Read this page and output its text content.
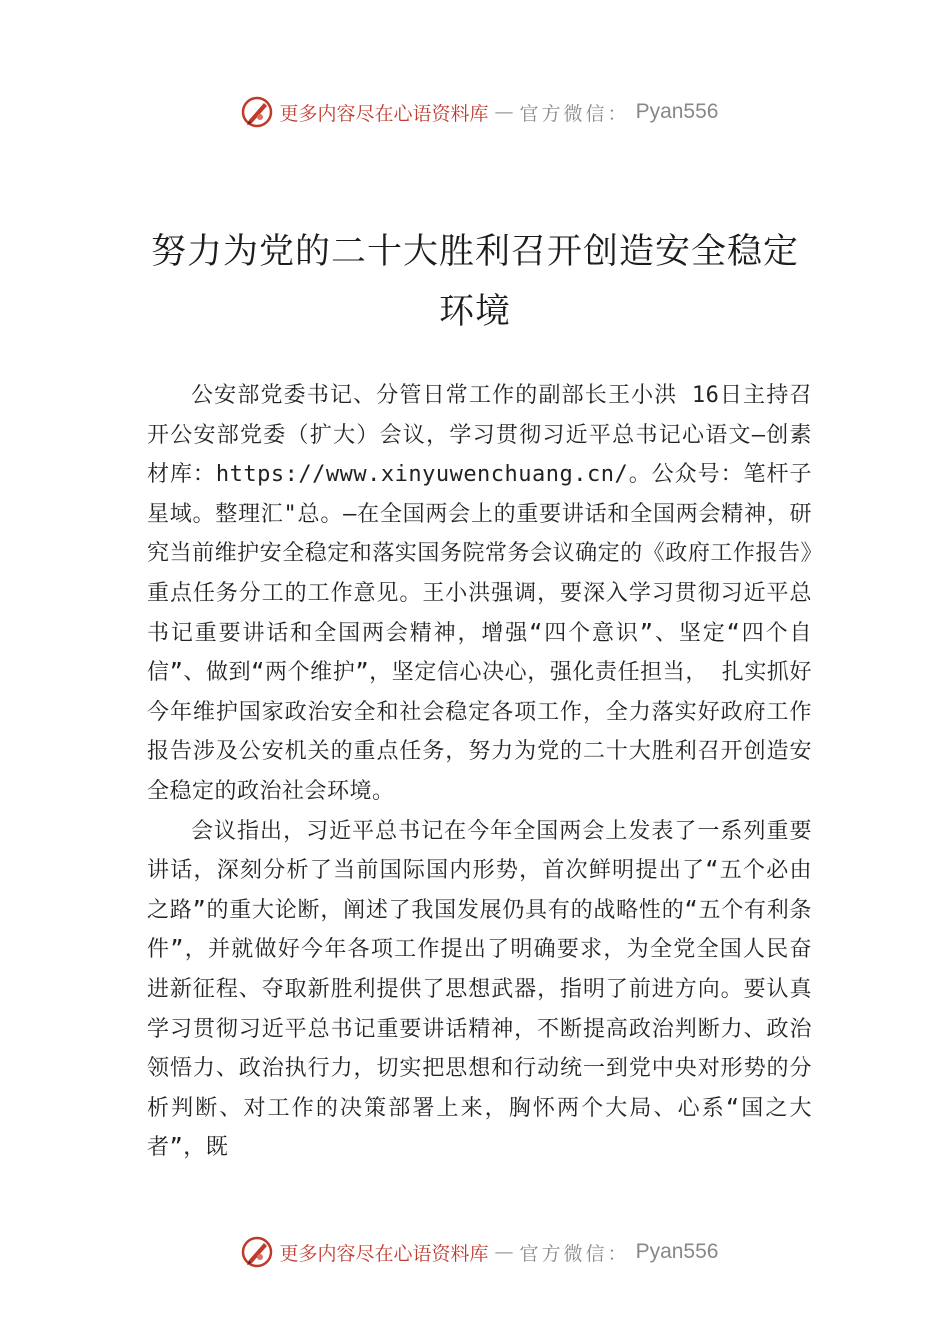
更多内容尽在心语资料库 — 官方微信： Pyan556
努力为党的二十大胜利召开创造安全稳定环境

公安部党委书记、分管日常工作的副部长王小洪 16日主持召开公安部党委（扩大）会议，学习贯彻习近平总书记心语文—创素材库：https://www.xinyuwenchuang.cn/。公众号：笔杆子星域。整理汇"总。—在全国两会上的重要讲话和全国两会精神，研究当前维护安全稳定和落实国务院常务会议确定的《政府工作报告》重点任务分工的工作意见。王小洪强调，要深入学习贯彻习近平总书记重要讲话和全国两会精神，增强“四个意识”、坚定“四个自信”、做到“两个维护”，坚定信心决心，强化责任担当， 扎实抓好今年维护国家政治安全和社会稳定各项工作，全力落实好政府工作报告涉及公安机关的重点任务，努力为党的二十大胜利召开创造安全稳定的政治社会环境。

会议指出，习近平总书记在今年全国两会上发表了一系列重要讲话，深刻分析了当前国际国内形势，首次鲜明提出了“五个必由之路”的重大论断，阐述了我国发展仍具有的战略性的“五个有利条件”，并就做好今年各项工作提出了明确要求，为全党全国人民奋进新征程、夺取新胜利提供了思想武器，指明了前进方向。要认真学习贯彻习近平总书记重要讲话精神，不断提高政治判断力、政治领悟力、政治执行力，切实把思想和行动统一到党中央对形势的分析判断、对工作的决策部署上来，胸怀两个大局、心系“国之大者”，既

更多内容尽在心语资料库 — 官方微信： Pyan556
